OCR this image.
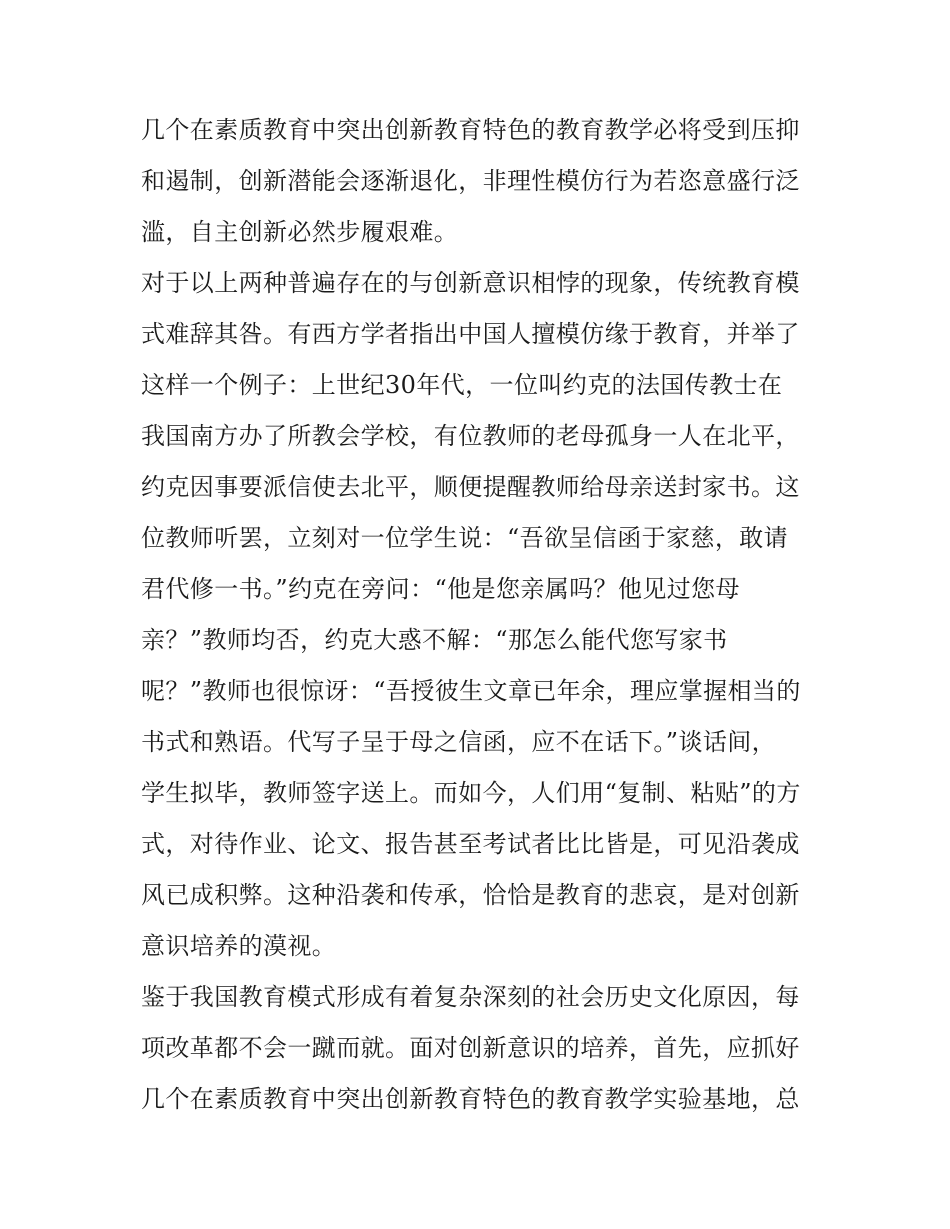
几个在素质教育中突出创新教育特色的教育教学必将受到压抑

和遏制，创新潜能会逐渐退化，非理性模仿行为若恣意盛行泛

滥，自主创新必然步履艰难。

对于以上两种普遍存在的与创新意识相悖的现象，传统教育模

式难辞其咎。有西方学者指出中国人擅模仿缘于教育，并举了

这样一个例子：上世纪30年代，一位叫约克的法国传教士在

我国南方办了所教会学校，有位教师的老母孤身一人在北平，

约克因事要派信使去北平，顺便提醒教师给母亲送封家书。这

位教师听罢，立刻对一位学生说：“吾欲呈信函于家慈，敢请

君代修一书。”约克在旁问：“他是您亲属吗？他见过您母

亲？”教师均否，约克大惑不解：“那怎么能代您写家书

呢？”教师也很惊讶：“吾授彼生文章已年余，理应掌握相当的

书式和熟语。代写子呈于母之信函，应不在话下。”谈话间，

学生拟毕，教师签字送上。而如今，人们用“复制、粘贴”的方

式，对待作业、论文、报告甚至考试者比比皆是，可见沿袭成

风已成积弊。这种沿袭和传承，恰恰是教育的悲哀，是对创新

意识培养的漠视。

鉴于我国教育模式形成有着复杂深刻的社会历史文化原因，每

项改革都不会一蹴而就。面对创新意识的培养，首先，应抓好

几个在素质教育中突出创新教育特色的教育教学实验基地，总
